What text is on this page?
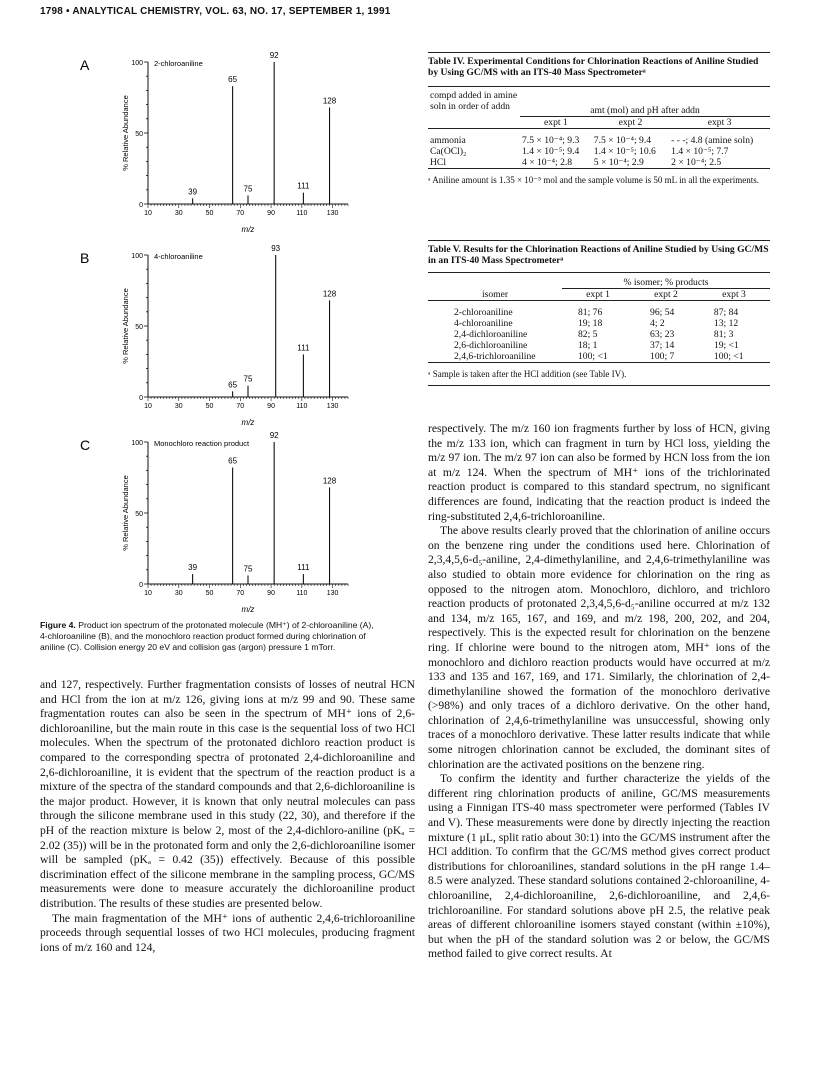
1798 • ANALYTICAL CHEMISTRY, VOL. 63, NO. 17, SEPTEMBER 1, 1991
A
0
50
100
10	30	50	70	90	110	130
m/z
% Relative Abundance
2-chloroaniline
39
65
75
92
111
128
B
0
50
100
10	30	50	70	90	110	130
m/z
% Relative Abundance
4-chloroaniline
65
75
93
111
128
C
0
50
100
10	30	50	70	90	110	130
m/z
% Relative Abundance
Monochloro reaction product
39
65
75
92
111
128
Figure 4. Product ion spectrum of the protonated molecule (MH⁺) of 2-chloroaniline (A), 4-chloroaniline (B), and the monochloro reaction product formed during chlorination of aniline (C). Collision energy 20 eV and collision gas (argon) pressure 1 mTorr.

and 127, respectively. Further fragmentation consists of losses of neutral HCN and HCl from the ion at m/z 126, giving ions at m/z 99 and 90. These same fragmentation routes can also be seen in the spectrum of MH⁺ ions of 2,6-dichloroaniline, but the main route in this case is the sequential loss of two HCl molecules. When the spectrum of the protonated dichloro reaction product is compared to the corresponding spectra of protonated 2,4-dichloroaniline and 2,6-dichloroaniline, it is evident that the spectrum of the reaction product is a mixture of the spectra of the standard compounds and that 2,6-dichloroaniline is the major product. However, it is known that only neutral molecules can pass through the silicone membrane used in this study (22, 30), and therefore if the pH of the reaction mixture is below 2, most of the 2,4-dichloro-aniline (pKₐ = 2.02 (35)) will be in the protonated form and only the 2,6-dichloroaniline isomer will be sampled (pKₐ = 0.42 (35)) effectively. Because of this possible discrimination effect of the silicone membrane in the sampling process, GC/MS measurements were done to measure accurately the dichloroaniline product distribution. The results of these studies are presented below.

The main fragmentation of the MH⁺ ions of authentic 2,4,6-trichloroaniline proceeds through sequential losses of two HCl molecules, producing fragment ions of m/z 160 and 124,

Table IV. Experimental Conditions for Chlorination Reactions of Aniline Studied by Using GC/MS with an ITS-40 Mass Spectrometerᵃ
compd added in amine soln in order of addn	amt (mol) and pH after addn		
	expt 1	expt 2	expt 3

ammonia	7.5 × 10⁻⁴; 9.3	7.5 × 10⁻⁴; 9.4	- - -; 4.8 (amine soln)
Ca(OCl)₂	1.4 × 10⁻⁵; 9.4	1.4 × 10⁻⁵; 10.6	1.4 × 10⁻⁵; 7.7
HCl	4 × 10⁻⁴; 2.8	5 × 10⁻⁴; 2.9	2 × 10⁻⁴; 2.5

ᵃ Aniline amount is 1.35 × 10⁻⁵ mol and the sample volume is 50 mL in all the experiments.
Table V. Results for the Chlorination Reactions of Aniline Studied by Using GC/MS in an ITS-40 Mass Spectrometerᵃ
isomer	% isomer; % products		
	expt 1	expt 2	expt 3

2-chloroaniline	81; 76	96; 54	87; 84
4-chloroaniline	19; 18	4; 2	13; 12
2,4-dichloroaniline	82; 5	63; 23	81; 3
2,6-dichloroaniline	18; 1	37; 14	19; <1
2,4,6-trichloroaniline	100; <1	100; 7	100; <1

ᵃ Sample is taken after the HCl addition (see Table IV).

respectively. The m/z 160 ion fragments further by loss of HCN, giving the m/z 133 ion, which can fragment in turn by HCl loss, yielding the m/z 97 ion. The m/z 97 ion can also be formed by HCN loss from the ion at m/z 124. When the spectrum of MH⁺ ions of the trichlorinated reaction product is compared to this standard spectrum, no significant differences are found, indicating that the reaction product is indeed the ring-substituted 2,4,6-trichloroaniline.

The above results clearly proved that the chlorination of aniline occurs on the benzene ring under the conditions used here. Chlorination of 2,3,4,5,6-d₅-aniline, 2,4-dimethylaniline, and 2,4,6-trimethylaniline was also studied to obtain more evidence for chlorination on the ring as opposed to the nitrogen atom. Monochloro, dichloro, and trichloro reaction products of protonated 2,3,4,5,6-d₅-aniline occurred at m/z 132 and 134, m/z 165, 167, and 169, and m/z 198, 200, 202, and 204, respectively. This is the expected result for chlorination on the benzene ring. If chlorine were bound to the nitrogen atom, MH⁺ ions of the monochloro and dichloro reaction products would have occurred at m/z 133 and 135 and 167, 169, and 171. Similarly, the chlorination of 2,4-dimethylaniline showed the formation of the monochloro derivative (>98%) and only traces of a dichloro derivative. On the other hand, chlorination of 2,4,6-trimethylaniline was unsuccessful, showing only traces of a monochloro derivative. These latter results indicate that while some nitrogen chlorination cannot be excluded, the dominant sites of chlorination are the activated positions on the benzene ring.

To confirm the identity and further characterize the yields of the different ring chlorination products of aniline, GC/MS measurements using a Finnigan ITS-40 mass spectrometer were performed (Tables IV and V). These measurements were done by directly injecting the reaction mixture (1 μL, split ratio about 30:1) into the GC/MS instrument after the HCl addition. To confirm that the GC/MS method gives correct product distributions for chloroanilines, standard solutions in the pH range 1.4–8.5 were analyzed. These standard solutions contained 2-chloroaniline, 4-chloroaniline, 2,4-dichloroaniline, 2,6-dichloroaniline, and 2,4,6-trichloroaniline. For standard solutions above pH 2.5, the relative peak areas of different chloroaniline isomers stayed constant (within ±10%), but when the pH of the standard solution was 2 or below, the GC/MS method failed to give correct results. At
